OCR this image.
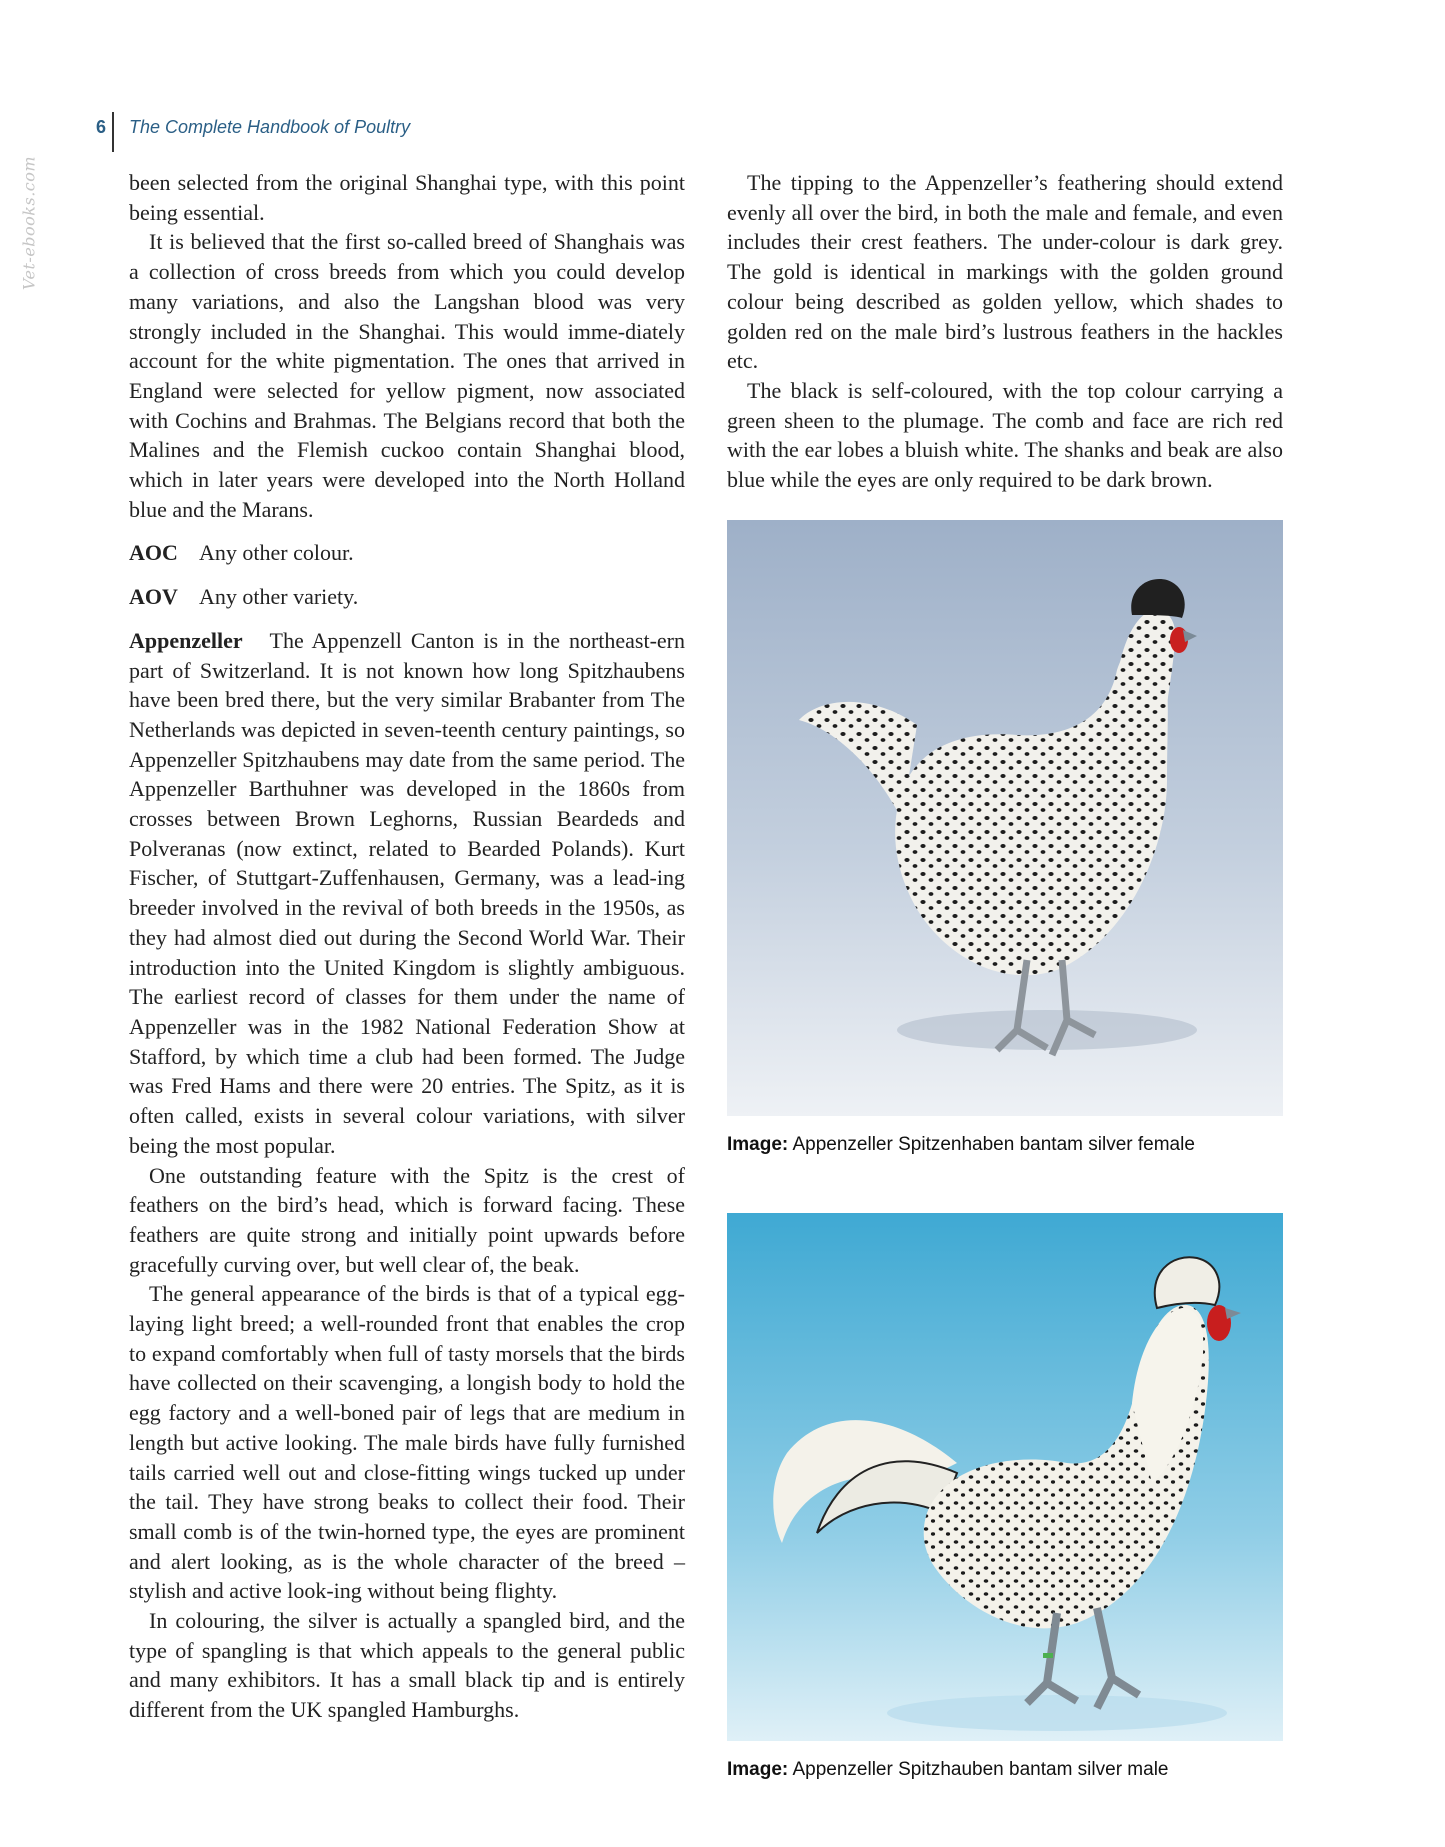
Vet-ebooks.com
6 The Complete Handbook of Poultry

been selected from the original Shanghai type, with this point being essential.

It is believed that the first so-called breed of Shanghais was a collection of cross breeds from which you could develop many variations, and also the Langshan blood was very strongly included in the Shanghai. This would imme-diately account for the white pigmentation. The ones that arrived in England were selected for yellow pigment, now associated with Cochins and Brahmas. The Belgians record that both the Malines and the Flemish cuckoo contain Shanghai blood, which in later years were developed into the North Holland blue and the Marans.

AOC Any other colour.

AOV Any other variety.

Appenzeller The Appenzell Canton is in the northeast-ern part of Switzerland. It is not known how long Spitzhaubens have been bred there, but the very similar Brabanter from The Netherlands was depicted in seven-teenth century paintings, so Appenzeller Spitzhaubens may date from the same period. The Appenzeller Barthuhner was developed in the 1860s from crosses between Brown Leghorns, Russian Beardeds and Polveranas (now extinct, related to Bearded Polands). Kurt Fischer, of Stuttgart-Zuffenhausen, Germany, was a lead-ing breeder involved in the revival of both breeds in the 1950s, as they had almost died out during the Second World War. Their introduction into the United Kingdom is slightly ambiguous. The earliest record of classes for them under the name of Appenzeller was in the 1982 National Federation Show at Stafford, by which time a club had been formed. The Judge was Fred Hams and there were 20 entries. The Spitz, as it is often called, exists in several colour variations, with silver being the most popular.

One outstanding feature with the Spitz is the crest of feathers on the bird’s head, which is forward facing. These feathers are quite strong and initially point upwards before gracefully curving over, but well clear of, the beak.

The general appearance of the birds is that of a typical egg-laying light breed; a well-rounded front that enables the crop to expand comfortably when full of tasty morsels that the birds have collected on their scavenging, a longish body to hold the egg factory and a well-boned pair of legs that are medium in length but active looking. The male birds have fully furnished tails carried well out and close-fitting wings tucked up under the tail. They have strong beaks to collect their food. Their small comb is of the twin-horned type, the eyes are prominent and alert looking, as is the whole character of the breed – stylish and active look-ing without being flighty.

In colouring, the silver is actually a spangled bird, and the type of spangling is that which appeals to the general public and many exhibitors. It has a small black tip and is entirely different from the UK spangled Hamburghs.

The tipping to the Appenzeller’s feathering should extend evenly all over the bird, in both the male and female, and even includes their crest feathers. The under-colour is dark grey. The gold is identical in markings with the golden ground colour being described as golden yellow, which shades to golden red on the male bird’s lustrous feathers in the hackles etc.

The black is self-coloured, with the top colour carrying a green sheen to the plumage. The comb and face are rich red with the ear lobes a bluish white. The shanks and beak are also blue while the eyes are only required to be dark brown.

Image: Appenzeller Spitzenhaben bantam silver female
Image: Appenzeller Spitzhauben bantam silver male
